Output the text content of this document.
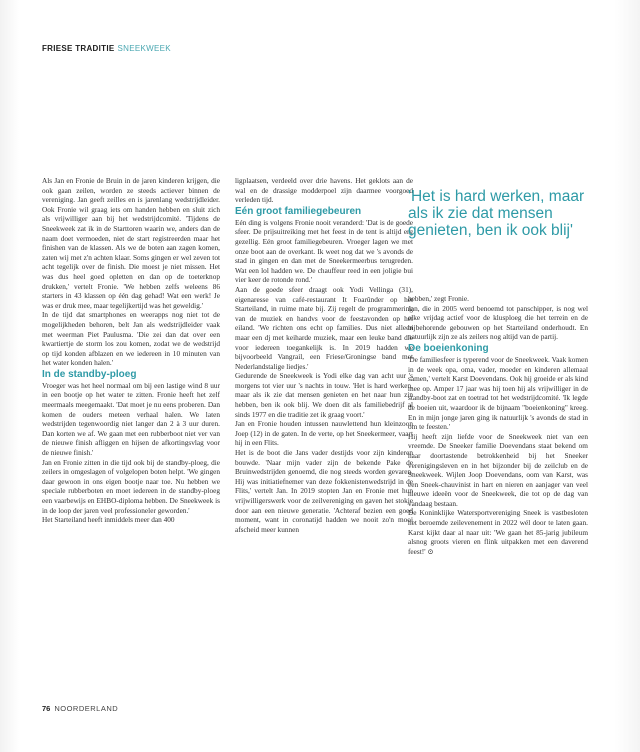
FRIESE TRADITIE SNEEKWEEK

Als Jan en Fronie de Bruin in de jaren kinderen krijgen, die ook gaan zeilen, worden ze steeds actiever binnen de vereniging. Jan geeft zeilles en is jarenlang wedstrijdleider. Ook Fronie wil graag iets om handen hebben en sluit zich als vrijwilliger aan bij het wedstrijdcomité. 'Tijdens de Sneekweek zat ik in de Starttoren waarin we, anders dan de naam doet vermoeden, niet de start registreerden maar het finishen van de klassen. Als we de boten aan zagen komen, zaten wij met z'n achten klaar. Soms gingen er wel zeven tot acht tegelijk over de finish. Die moest je niet missen. Het was dus heel goed opletten en dan op de toeterknop drukken,' vertelt Fronie. 'We hebben zelfs weleens 86 starters in 43 klassen op één dag gehad! Wat een werk! Je was er druk mee, maar tegelijkertijd was het geweldig.'

In de tijd dat smartphones en weerapps nog niet tot de mogelijkheden behoren, belt Jan als wedstrijdleider vaak met weerman Piet Paulusma. 'Die zei dan dat over een kwartiertje de storm los zou komen, zodat we de wedstrijd op tijd konden afblazen en we iedereen in 10 minuten van het water konden halen.'

In de standby-ploeg

Vroeger was het heel normaal om bij een lastige wind 8 uur in een bootje op het water te zitten. Fronie heeft het zelf meermaals meegemaakt. 'Dat moet je nu eens proberen. Dan komen de ouders meteen verhaal halen. We laten wedstrijden tegenwoordig niet langer dan 2 à 3 uur duren. Dan korten we af. We gaan met een rubberboot niet ver van de nieuwe finish afliggen en hijsen de afkortingsvlag voor de nieuwe finish.'

Jan en Fronie zitten in die tijd ook bij de standby-ploeg, die zeilers in omgeslagen of volgelopen boten helpt. 'We gingen daar gewoon in ons eigen bootje naar toe. Nu hebben we speciale rubberboten en moet iedereen in de standby-ploeg een vaarbewijs en EHBO-diploma hebben. De Sneekweek is in de loop der jaren veel professioneler geworden.'

Het Starteiland heeft inmiddels meer dan 400

ligplaatsen, verdeeld over drie havens. Het geklots aan de wal en de drassige modderpoel zijn daarmee voorgoed verleden tijd.

Eén groot familiegebeuren

Eén ding is volgens Fronie nooit veranderd: 'Dat is de goede sfeer. De prijsuitreiking met het feest in de tent is altijd erg gezellig. Eén groot familiegebeuren. Vroeger lagen we met onze boot aan de overkant. Ik weet nog dat we 's avonds de stad in gingen en dan met de Sneekermeerbus terugreden. Wat een lol hadden we. De chauffeur reed in een joligie bui vier keer de rotonde rond.'

Aan de goede sfeer draagt ook Yodi Vellinga (31), eigenaresse van café-restaurant It Foarûnder op het Starteiland, in ruime mate bij. Zij regelt de programmering van de muziek en handvs voor de feestavonden op het eiland. 'We richten ons echt op families. Dus niet alleen maar een dj met keiharde muziek, maar een leuke band die voor iedereen toegankelijk is. In 2019 hadden we bijvoorbeeld Vangrail, een Friese/Groningse band met Nederlandstalige liedjes.'

Gedurende de Sneekweek is Yodi elke dag van acht uur 's morgens tot vier uur 's nachts in touw. 'Het is hard werken, maar als ik zie dat mensen genieten en het naar hun zin hebben, ben ik ook blij. We doen dit als familiebedrijf al sinds 1977 en die traditie zet ik graag voort.'

Jan en Fronie houden intussen nauwlettend hun kleinzoon Joep (12) in de gaten. In de verte, op het Sneekermeer, vaart hij in een Flits.

Het is de boot die Jans vader destijds voor zijn kinderen bouwde. 'Naar mijn vader zijn de bekende Pake de Bruinwedstrijden genoemd, die nog steeds worden gevaren. Hij was initiatiefnemer van deze fokkenistenwedstrijd in de Flits,' vertelt Jan. In 2019 stopten Jan en Fronie met hun vrijwilligerswerk voor de zeilvereniging en gaven het stokje door aan een nieuwe generatie. 'Achteraf bezien een goed moment, want in coronatijd hadden we nooit zo'n mooi afscheid meer kunnen

'Het is hard werken, maar als ik zie dat mensen genieten, ben ik ook blij'

hebben,' zegt Fronie.

Jan, die in 2005 werd benoemd tot panschipper, is nog wel elke vrijdag actief voor de klusploeg die het terrein en de bijbehorende gebouwen op het Starteiland onderhoudt. En natuurlijk zijn ze als zeilers nog altijd van de partij.

De boeienkoning

'De familiesfeer is typerend voor de Sneekweek. Vaak komen in de week opa, oma, vader, moeder en kinderen allemaal samen,' vertelt Karst Doevendans. Ook hij groeide er als kind mee op. Amper 17 jaar was hij toen hij als vrijwilliger in de standby-boot zat en toetrad tot het wedstrijdcomité. 'Ik legde de boeien uit, waardoor ik de bijnaam "boeienkoning" kreeg. En in mijn jonge jaren ging ik natuurlijk 's avonds de stad in om te feesten.'

Hij heeft zijn liefde voor de Sneekweek niet van een vreemde. De Sneeker familie Doevendans staat bekend om haar doortastende betrokkenheid bij het Sneeker verenigingsleven en in het bijzonder bij de zeilclub en de Sneekweek. Wijlen Joop Doevendans, oom van Karst, was een Sneek-chauvinist in hart en nieren en aanjager van veel nieuwe ideeën voor de Sneekweek, die tot op de dag van vandaag bestaan.

De Koninklijke Watersportvereniging Sneek is vastbesloten het beroemde zeilevenement in 2022 wél door te laten gaan. Karst kijkt daar al naar uit: 'We gaan het 85-jarig jubileum alsnog groots vieren en flink uitpakken met een daverend feest!' ⊙

76 NOORDERLAND
